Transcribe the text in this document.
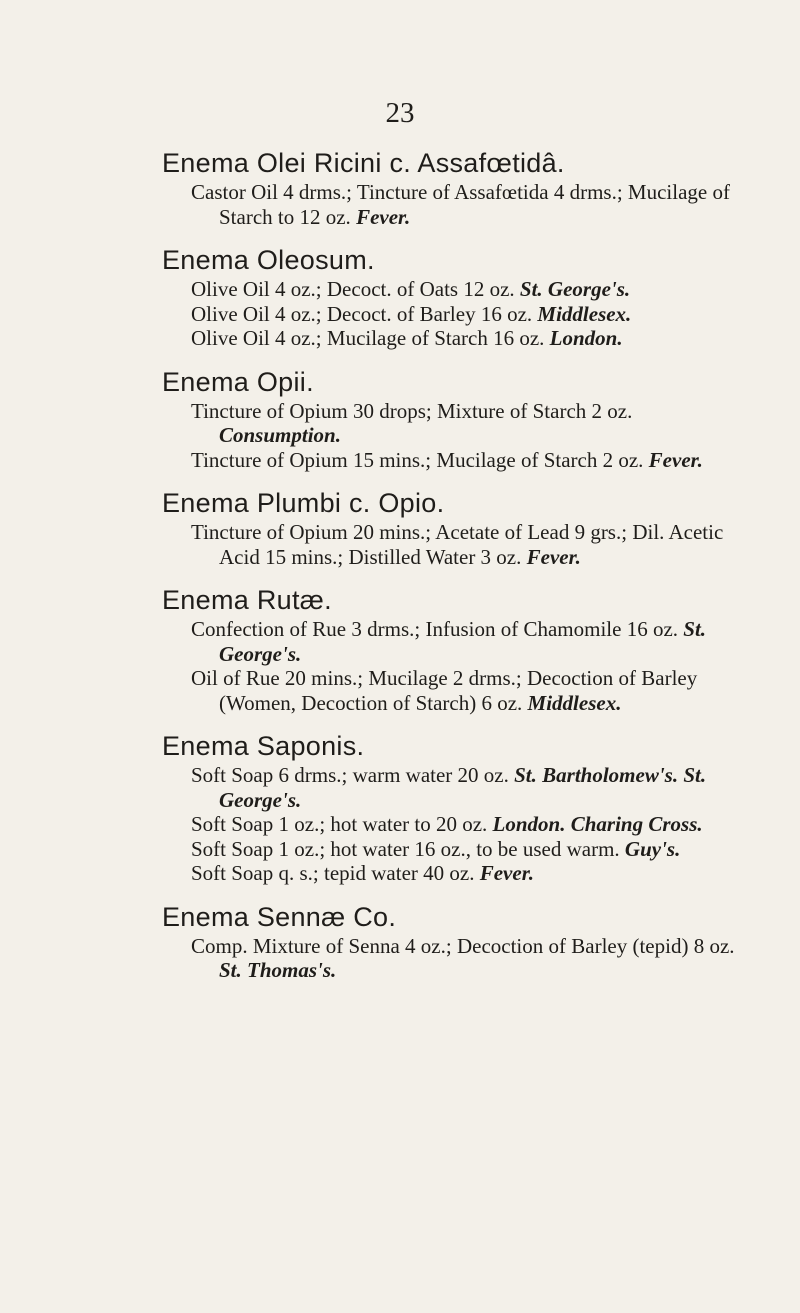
23
Enema Olei Ricini c. Assafœtidâ.

Castor Oil 4 drms.; Tincture of Assafœtida 4 drms.; Mucilage of Starch to 12 oz. Fever.

Enema Oleosum.

Olive Oil 4 oz.; Decoct. of Oats 12 oz. St. George's.

Olive Oil 4 oz.; Decoct. of Barley 16 oz. Middlesex.

Olive Oil 4 oz.; Mucilage of Starch 16 oz. London.

Enema Opii.

Tincture of Opium 30 drops; Mixture of Starch 2 oz. Consumption.

Tincture of Opium 15 mins.; Mucilage of Starch 2 oz. Fever.

Enema Plumbi c. Opio.

Tincture of Opium 20 mins.; Acetate of Lead 9 grs.; Dil. Acetic Acid 15 mins.; Distilled Water 3 oz. Fever.

Enema Rutæ.

Confection of Rue 3 drms.; Infusion of Chamomile 16 oz. St. George's.

Oil of Rue 20 mins.; Mucilage 2 drms.; Decoction of Barley (Women, Decoction of Starch) 6 oz. Middlesex.

Enema Saponis.

Soft Soap 6 drms.; warm water 20 oz. St. Bartholomew's. St. George's.

Soft Soap 1 oz.; hot water to 20 oz. London. Charing Cross.

Soft Soap 1 oz.; hot water 16 oz., to be used warm. Guy's.

Soft Soap q. s.; tepid water 40 oz. Fever.

Enema Sennæ Co.

Comp. Mixture of Senna 4 oz.; Decoction of Barley (tepid) 8 oz. St. Thomas's.
